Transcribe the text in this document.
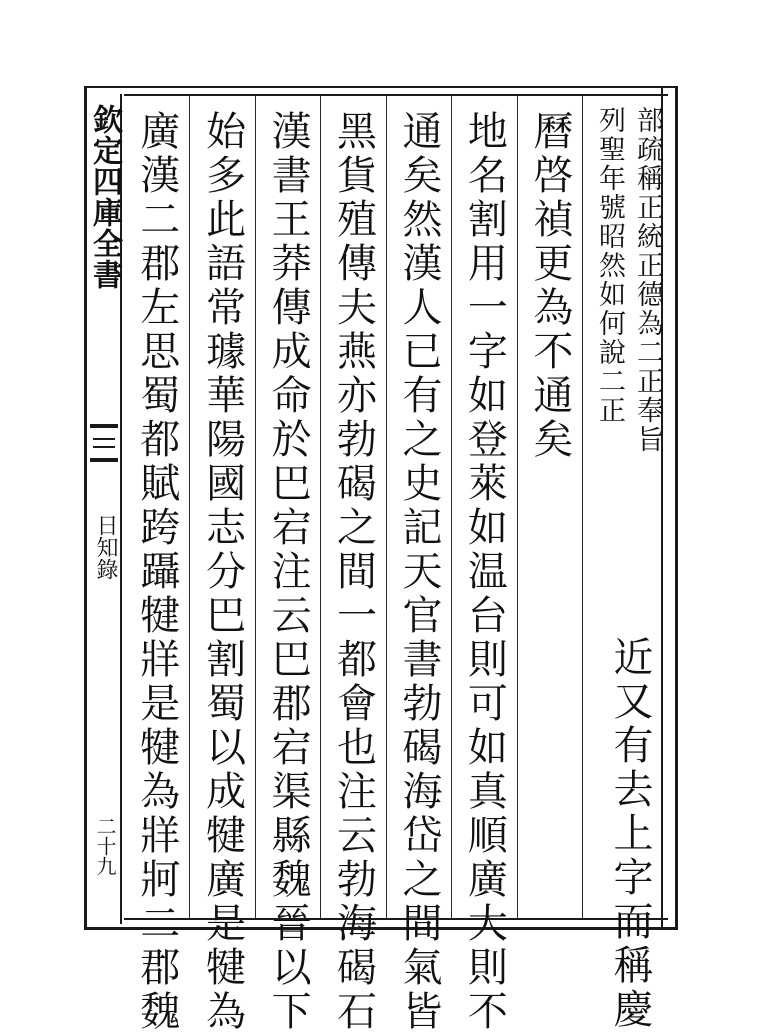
欽定四庫全書
日知錄
二十九
部疏稱正統正德為二正奉旨
列聖年號昭然如何說二正
近又有去上字而稱慶
曆啓禎更為不通矣
地名割用一字如登萊如温台則可如真順廣大則不
通矣然漢人已有之史記天官書勃碣海岱之間氣皆
黑貨殖傳夫燕亦勃碣之間一都會也注云勃海碣石
漢書王莽傳成命於巴宕注云巴郡宕渠縣魏晉以下
始多此語常璩華陽國志分巴割蜀以成犍廣是犍為
廣漢二郡左思蜀都賦跨躡犍牂是犍為牂牁二郡魏
